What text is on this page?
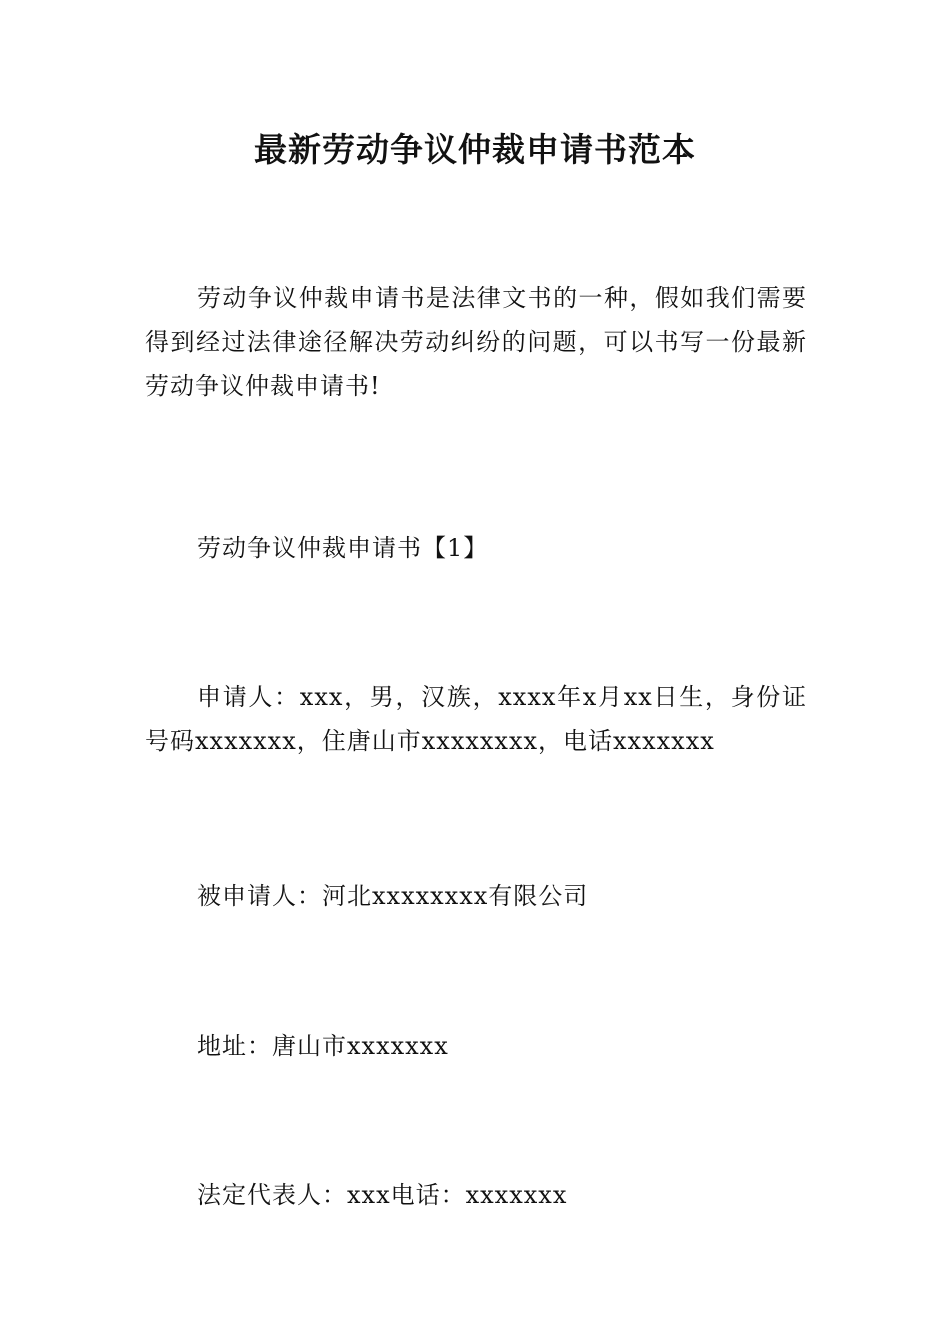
最新劳动争议仲裁申请书范本

劳动争议仲裁申请书是法律文书的一种，假如我们需要得到经过法律途径解决劳动纠纷的问题，可以书写一份最新劳动争议仲裁申请书!

劳动争议仲裁申请书【1】

申请人：xxx，男，汉族，xxxx年x月xx日生，身份证号码xxxxxxx，住唐山市xxxxxxxx，电话xxxxxxx

被申请人：河北xxxxxxxx有限公司

地址：唐山市xxxxxxx

法定代表人：xxx电话：xxxxxxx
